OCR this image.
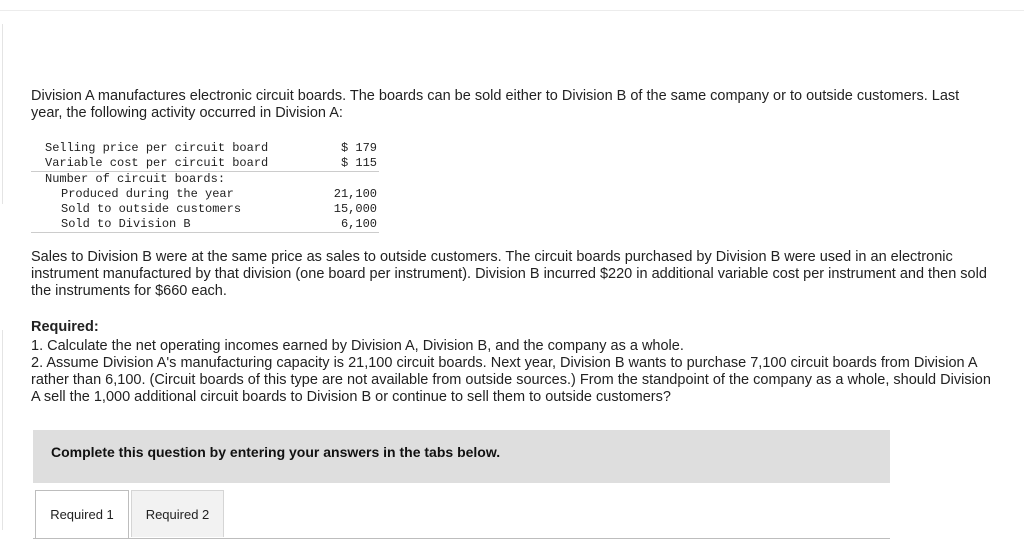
Division A manufactures electronic circuit boards. The boards can be sold either to Division B of the same company or to outside customers. Last year, the following activity occurred in Division A:
Selling price per circuit board	$ 179
Variable cost per circuit board	$ 115
Number of circuit boards:	
Produced during the year	21,100
Sold to outside customers	15,000
Sold to Division B	6,100
Sales to Division B were at the same price as sales to outside customers. The circuit boards purchased by Division B were used in an electronic instrument manufactured by that division (one board per instrument). Division B incurred $220 in additional variable cost per instrument and then sold the instruments for $660 each.
Required:
1. Calculate the net operating incomes earned by Division A, Division B, and the company as a whole.
2. Assume Division A's manufacturing capacity is 21,100 circuit boards. Next year, Division B wants to purchase 7,100 circuit boards from Division A rather than 6,100. (Circuit boards of this type are not available from outside sources.) From the standpoint of the company as a whole, should Division A sell the 1,000 additional circuit boards to Division B or continue to sell them to outside customers?
Complete this question by entering your answers in the tabs below.
Required 1	Required 2
